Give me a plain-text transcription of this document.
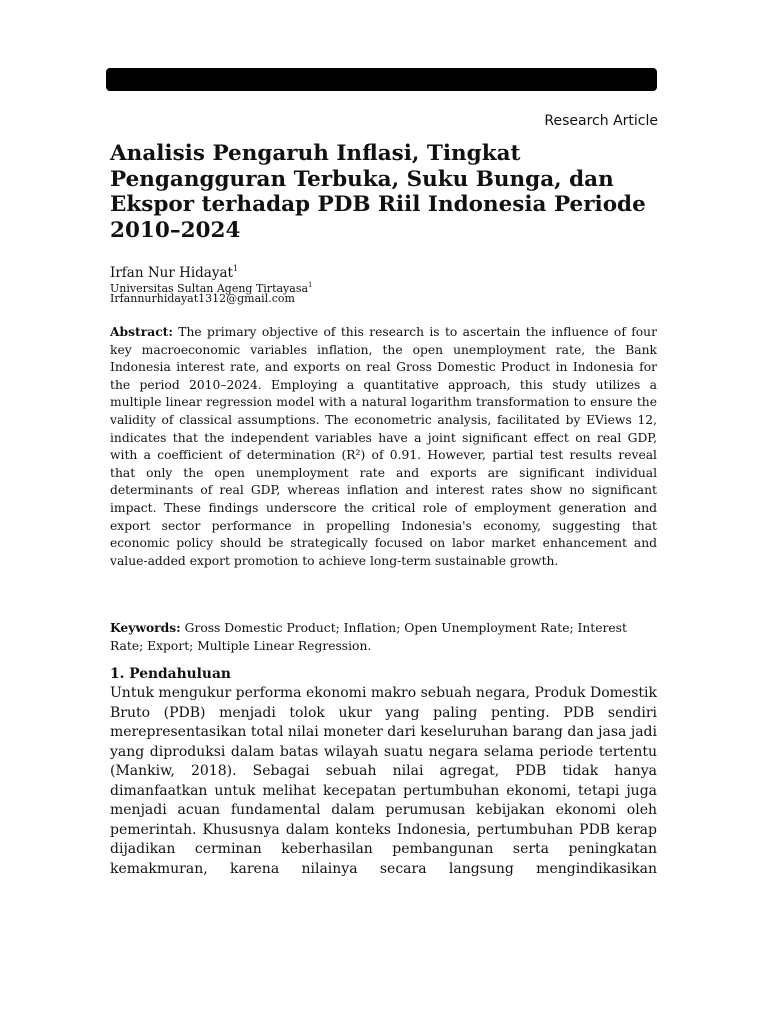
Research Article
Analisis Pengaruh Inflasi, Tingkat Pengangguran Terbuka, Suku Bunga, dan Ekspor terhadap PDB Riil Indonesia Periode 2010–2024
Irfan Nur Hidayat$^1$
Universitas Sultan Ageng Tirtayasa$^1$
Irfannurhidayat1312@gmail.com

Abstract: The primary objective of this research is to ascertain the influence of four key macroeconomic variables inflation, the open unemployment rate, the Bank Indonesia interest rate, and exports on real Gross Domestic Product in Indonesia for the period 2010–2024. Employing a quantitative approach, this study utilizes a multiple linear regression model with a natural logarithm transformation to ensure the validity of classical assumptions. The econometric analysis, facilitated by EViews 12, indicates that the independent variables have a joint significant effect on real GDP, with a coefficient of determination (R²) of 0.91. However, partial test results reveal that only the open unemployment rate and exports are significant individual determinants of real GDP, whereas inflation and interest rates show no significant impact. These findings underscore the critical role of employment generation and export sector performance in propelling Indonesia's economy, suggesting that economic policy should be strategically focused on labor market enhancement and value-added export promotion to achieve long-term sustainable growth.

Keywords: Gross Domestic Product; Inflation; Open Unemployment Rate; Interest Rate; Export; Multiple Linear Regression.

1. Pendahuluan

Untuk mengukur performa ekonomi makro sebuah negara, Produk Domestik Bruto (PDB) menjadi tolok ukur yang paling penting. PDB sendiri merepresentasikan total nilai moneter dari keseluruhan barang dan jasa jadi yang diproduksi dalam batas wilayah suatu negara selama periode tertentu (Mankiw, 2018). Sebagai sebuah nilai agregat, PDB tidak hanya dimanfaatkan untuk melihat kecepatan pertumbuhan ekonomi, tetapi juga menjadi acuan fundamental dalam perumusan kebijakan ekonomi oleh pemerintah. Khususnya dalam konteks Indonesia, pertumbuhan PDB kerap dijadikan cerminan keberhasilan pembangunan serta peningkatan kemakmuran, karena nilainya secara langsung mengindikasikan
